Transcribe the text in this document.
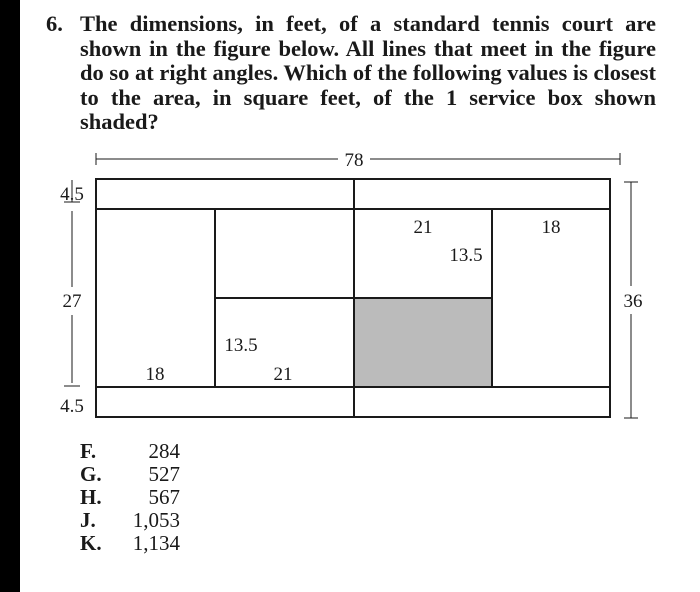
6. The dimensions, in feet, of a standard tennis court are shown in the figure below. All lines that meet in the figure do so at right angles. Which of the following values is closest to the area, in square feet, of the 1 service box shown shaded?
78
4.5
27
4.5
36
21	18
13.5
13.5
18	21
F.	284
G.	527
H.	567
J.	1,053
K.	1,134
